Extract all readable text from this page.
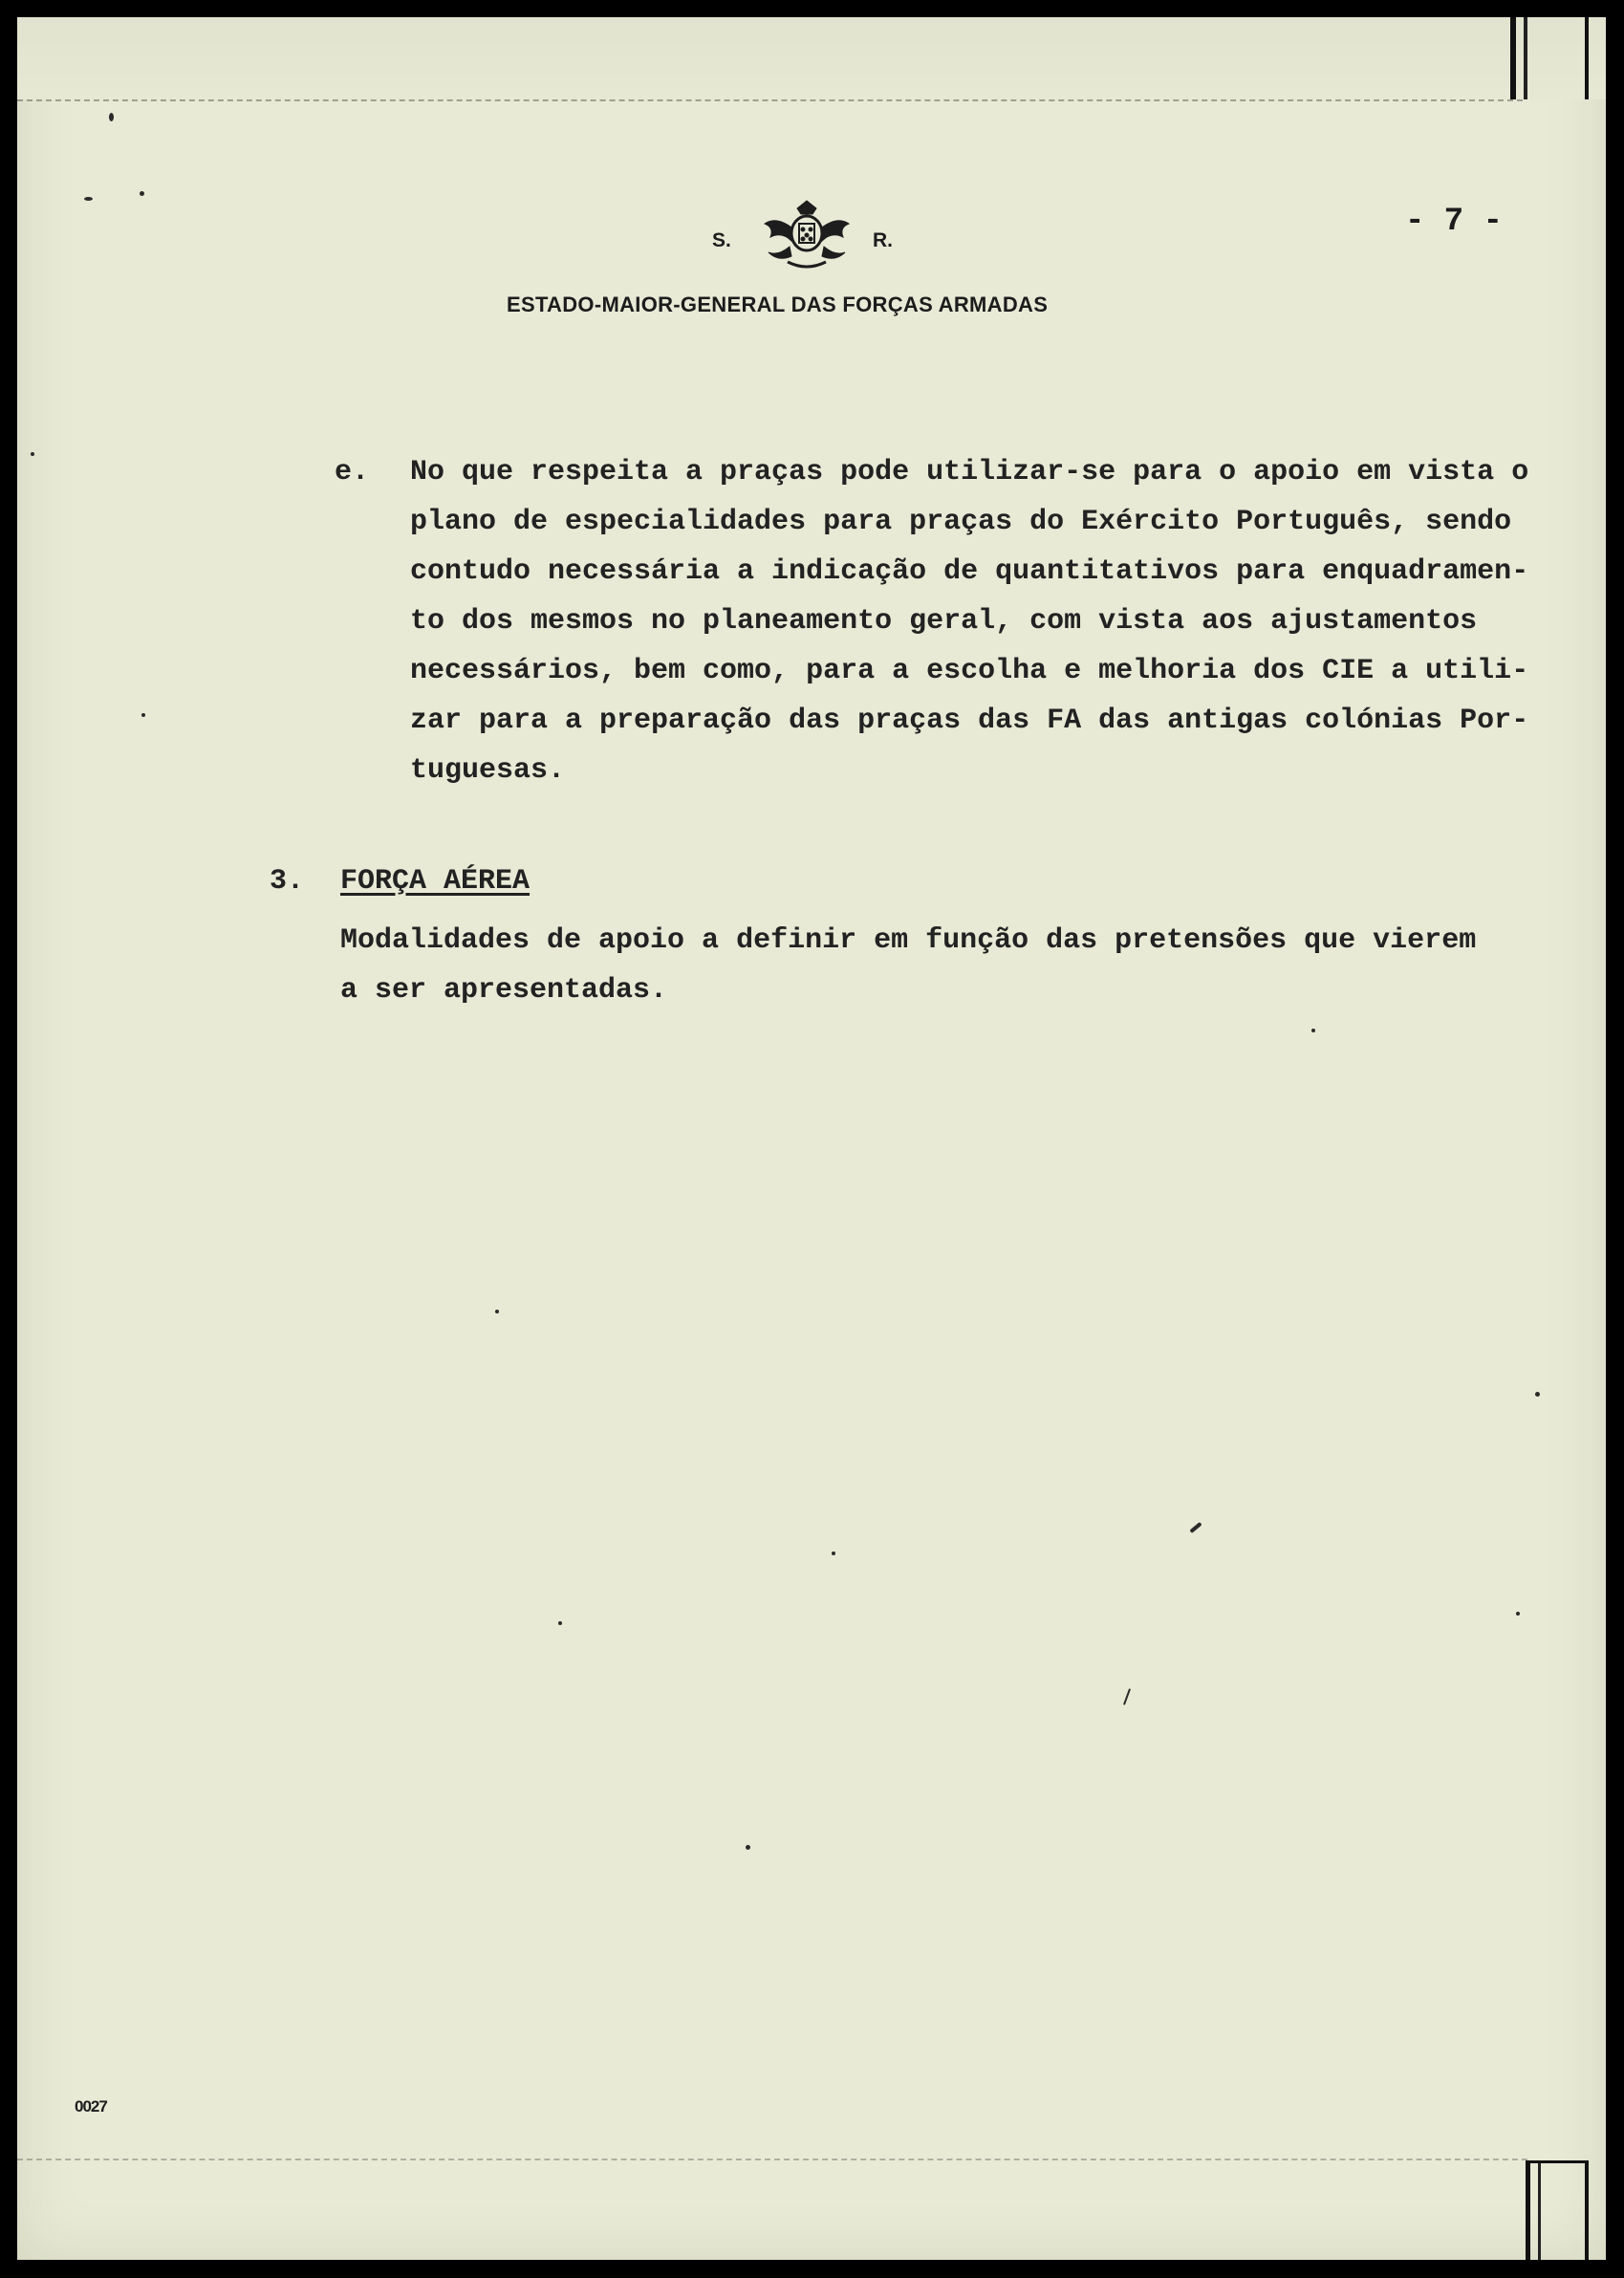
S.	R.
ESTADO-MAIOR-GENERAL DAS FORÇAS ARMADAS
- 7 -
e. No que respeita a praças pode utilizar-se para o apoio em vista o
plano de especialidades para praças do Exército Português, sendo
contudo necessária a indicação de quantitativos para enquadramen-
to dos mesmos no planeamento geral, com vista aos ajustamentos
necessários, bem como, para a escolha e melhoria dos CIE a utili-
zar para a preparação das praças das FA das antigas colónias Por-
tuguesas.
3. FORÇA AÉREA
Modalidades de apoio a definir em função das pretensões que vierem
a ser apresentadas.
0027
